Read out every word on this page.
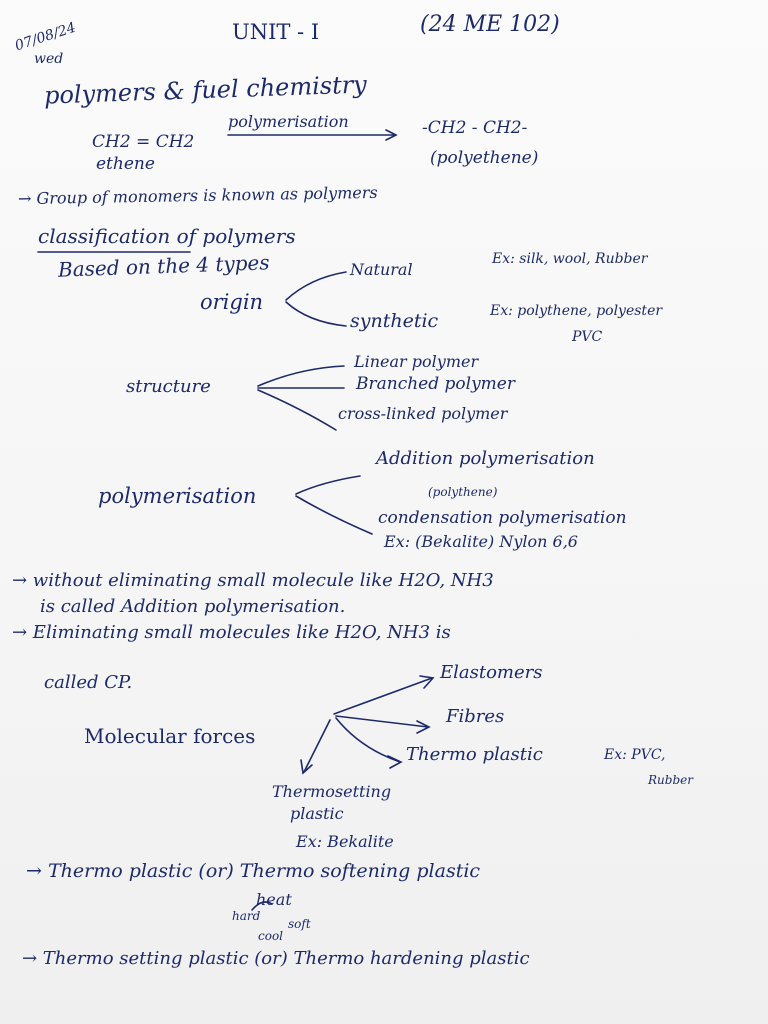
07/08/24
wed
UNIT - I	(24 ME 102)
polymers & fuel chemistry
CH2 = CH2
ethene
polymerisation	-CH2 - CH2-
(polyethene)
→ Group of monomers is known as polymers
classification of polymers
Based on the 4 types
origin
Natural
Ex: silk, wool, Rubber
synthetic	Ex: polythene, polyester
PVC
structure
Linear polymer
Branched polymer
cross-linked polymer
polymerisation
Addition polymerisation
(polythene)
condensation polymerisation
Ex: (Bekalite) Nylon 6,6
→ without eliminating small molecule like H2O, NH3
is called Addition polymerisation.
→ Eliminating small molecules like H2O, NH3 is
called CP.
Molecular forces
Elastomers
Fibres
Thermo plastic	Ex: PVC,
Rubber
Thermosetting
plastic
Ex: Bekalite
→ Thermo plastic (or) Thermo softening plastic
heat
hard
soft
cool
→ Thermo setting plastic (or) Thermo hardening plastic
